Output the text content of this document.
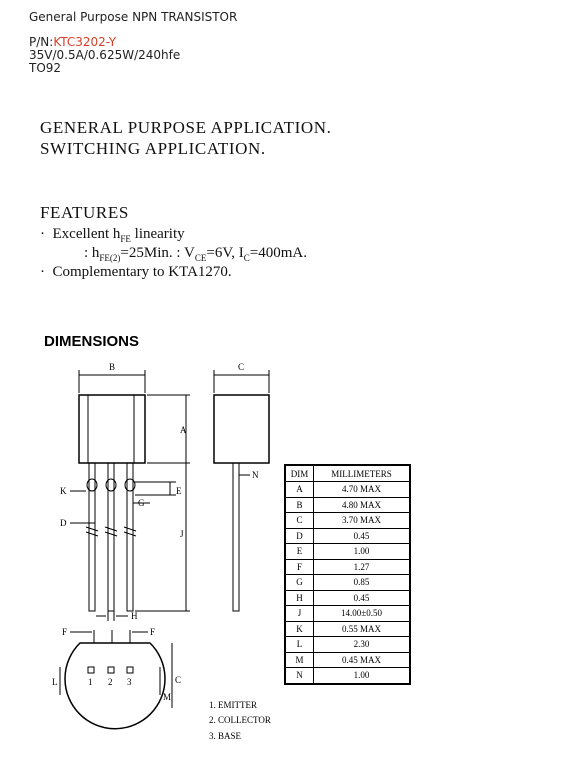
General Purpose NPN TRANSISTOR
P/N:KTC3202-Y
35V/0.5A/0.625W/240hfe
TO92
GENERAL PURPOSE APPLICATION.
SWITCHING APPLICATION.
FEATURES
· Excellent $h_{FE}$ linearity
: $h_{FE(2)}=25Min$. : $V_{CE}=6V$, $I_C=400mA$.
· Complementary to KTA1270.
DIMENSIONS
B
A
C
N
K	E
G
D
J
H
F	F
1 2 3
L
M
C
DIM	MILLIMETERS
A	4.70 MAX
B	4.80 MAX
C	3.70 MAX
D	0.45
E	1.00
F	1.27
G	0.85
H	0.45
J	14.00±0.50
K	0.55 MAX
L	2.30
M	0.45 MAX
N	1.00
1. EMITTER
2. COLLECTOR
3. BASE
